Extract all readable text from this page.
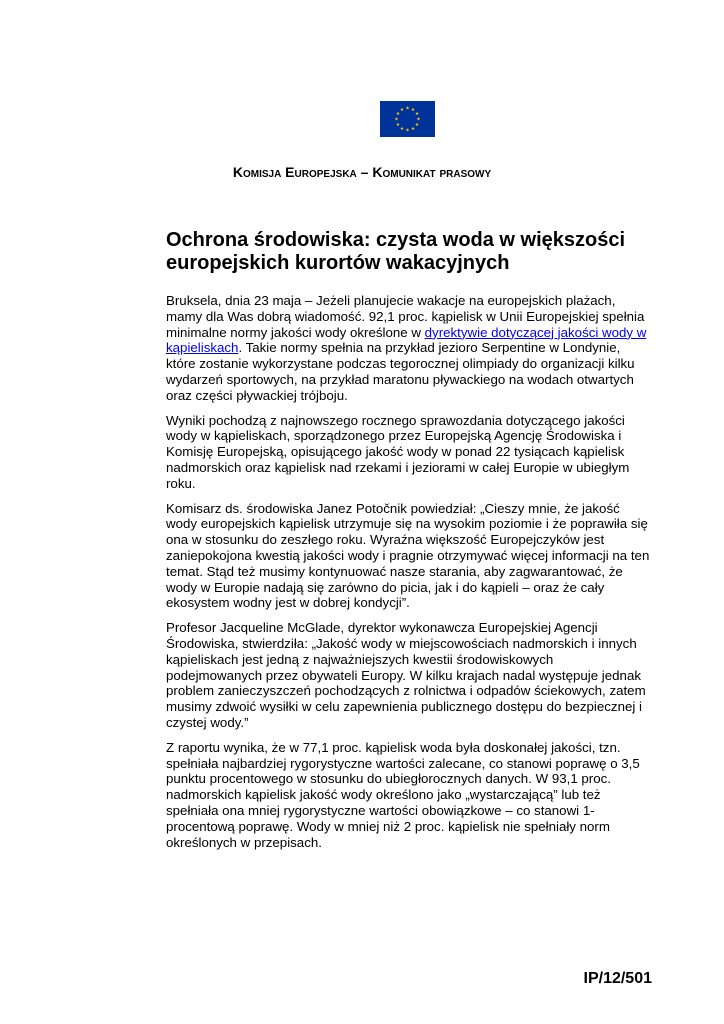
Komisja Europejska – Komunikat prasowy
Ochrona środowiska: czysta woda w większości europejskich kurortów wakacyjnych

Bruksela, dnia 23 maja – Jeżeli planujecie wakacje na europejskich plażach, mamy dla Was dobrą wiadomość. 92,1 proc. kąpielisk w Unii Europejskiej spełnia minimalne normy jakości wody określone w dyrektywie dotyczącej jakości wody w kąpieliskach. Takie normy spełnia na przykład jezioro Serpentine w Londynie, które zostanie wykorzystane podczas tegorocznej olimpiady do organizacji kilku wydarzeń sportowych, na przykład maratonu pływackiego na wodach otwartych oraz części pływackiej trójboju.

Wyniki pochodzą z najnowszego rocznego sprawozdania dotyczącego jakości wody w kąpieliskach, sporządzonego przez Europejską Agencję Środowiska i Komisję Europejską, opisującego jakość wody w ponad 22 tysiącach kąpielisk nadmorskich oraz kąpielisk nad rzekami i jeziorami w całej Europie w ubiegłym roku.

Komisarz ds. środowiska Janez Potočnik powiedział: „Cieszy mnie, że jakość wody europejskich kąpielisk utrzymuje się na wysokim poziomie i że poprawiła się ona w stosunku do zeszłego roku. Wyraźna większość Europejczyków jest zaniepokojona kwestią jakości wody i pragnie otrzymywać więcej informacji na ten temat. Stąd też musimy kontynuować nasze starania, aby zagwarantować, że wody w Europie nadają się zarówno do picia, jak i do kąpieli – oraz że cały ekosystem wodny jest w dobrej kondycji”.

Profesor Jacqueline McGlade, dyrektor wykonawcza Europejskiej Agencji Środowiska, stwierdziła: „Jakość wody w miejscowościach nadmorskich i innych kąpieliskach jest jedną z najważniejszych kwestii środowiskowych podejmowanych przez obywateli Europy. W kilku krajach nadal występuje jednak problem zanieczyszczeń pochodzących z rolnictwa i odpadów ściekowych, zatem musimy zdwoić wysiłki w celu zapewnienia publicznego dostępu do bezpiecznej i czystej wody.”

Z raportu wynika, że w 77,1 proc. kąpielisk woda była doskonałej jakości, tzn. spełniała najbardziej rygorystyczne wartości zalecane, co stanowi poprawę o 3,5 punktu procentowego w stosunku do ubiegłorocznych danych. W 93,1 proc. nadmorskich kąpielisk jakość wody określono jako „wystarczającą” lub też spełniała ona mniej rygorystyczne wartości obowiązkowe – co stanowi 1-procentową poprawę. Wody w mniej niż 2 proc. kąpielisk nie spełniały norm określonych w przepisach.

IP/12/501
